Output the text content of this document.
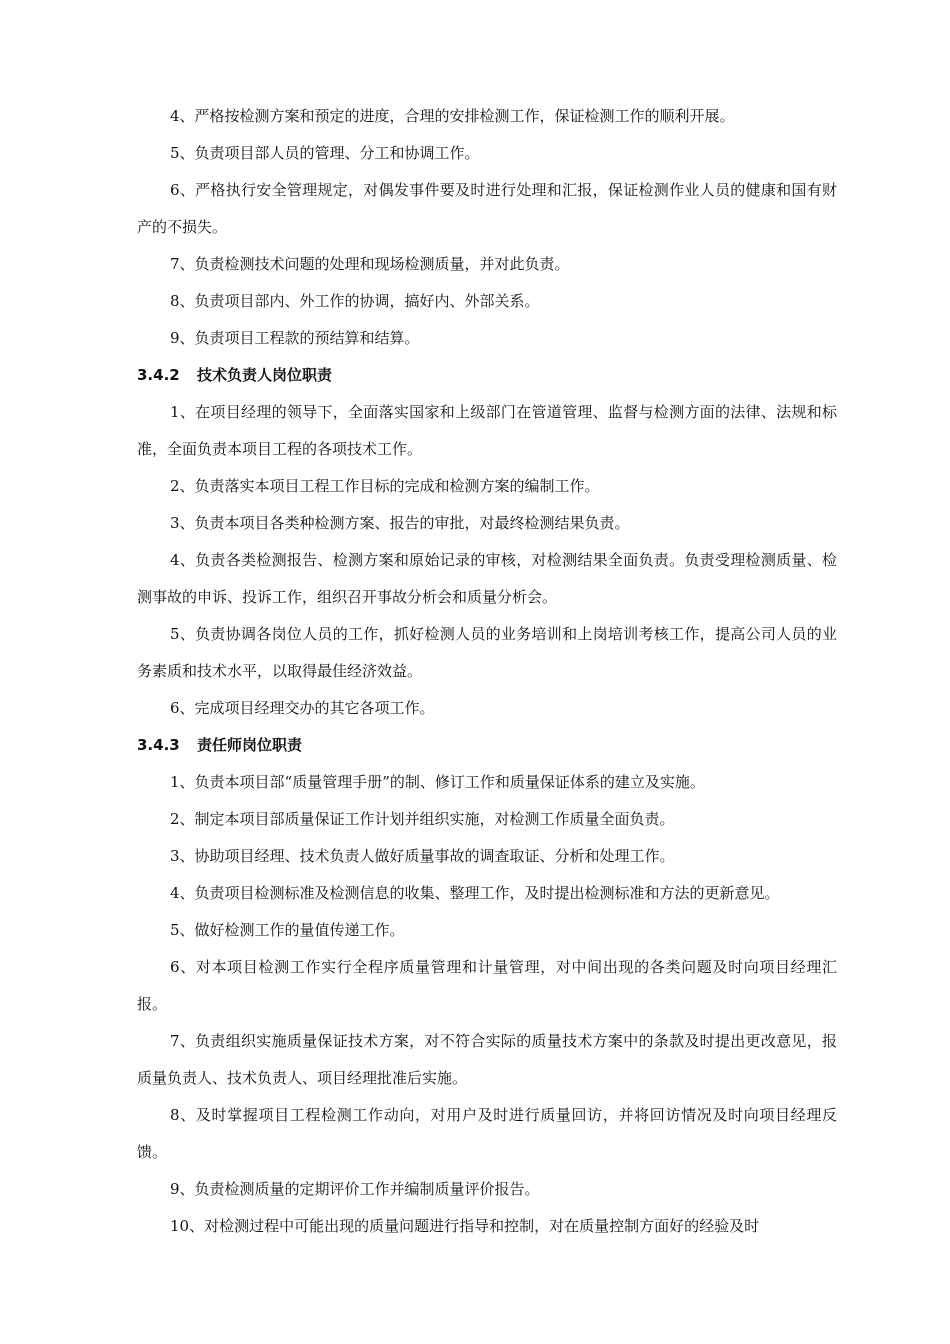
4、严格按检测方案和预定的进度，合理的安排检测工作，保证检测工作的顺利开展。

5、负责项目部人员的管理、分工和协调工作。

6、严格执行安全管理规定，对偶发事件要及时进行处理和汇报，保证检测作业人员的健康和国有财产的不损失。

7、负责检测技术问题的处理和现场检测质量，并对此负责。

8、负责项目部内、外工作的协调，搞好内、外部关系。

9、负责项目工程款的预结算和结算。

3.4.2 技术负责人岗位职责

1、在项目经理的领导下，全面落实国家和上级部门在管道管理、监督与检测方面的法律、法规和标准，全面负责本项目工程的各项技术工作。

2、负责落实本项目工程工作目标的完成和检测方案的编制工作。

3、负责本项目各类种检测方案、报告的审批，对最终检测结果负责。

4、负责各类检测报告、检测方案和原始记录的审核，对检测结果全面负责。负责受理检测质量、检测事故的申诉、投诉工作，组织召开事故分析会和质量分析会。

5、负责协调各岗位人员的工作，抓好检测人员的业务培训和上岗培训考核工作，提高公司人员的业务素质和技术水平，以取得最佳经济效益。

6、完成项目经理交办的其它各项工作。

3.4.3 责任师岗位职责

1、负责本项目部“质量管理手册”的制、修订工作和质量保证体系的建立及实施。

2、制定本项目部质量保证工作计划并组织实施，对检测工作质量全面负责。

3、协助项目经理、技术负责人做好质量事故的调查取证、分析和处理工作。

4、负责项目检测标准及检测信息的收集、整理工作，及时提出检测标准和方法的更新意见。

5、做好检测工作的量值传递工作。

6、对本项目检测工作实行全程序质量管理和计量管理，对中间出现的各类问题及时向项目经理汇报。

7、负责组织实施质量保证技术方案，对不符合实际的质量技术方案中的条款及时提出更改意见，报质量负责人、技术负责人、项目经理批准后实施。

8、及时掌握项目工程检测工作动向，对用户及时进行质量回访，并将回访情况及时向项目经理反馈。

9、负责检测质量的定期评价工作并编制质量评价报告。

10、对检测过程中可能出现的质量问题进行指导和控制，对在质量控制方面好的经验及时
